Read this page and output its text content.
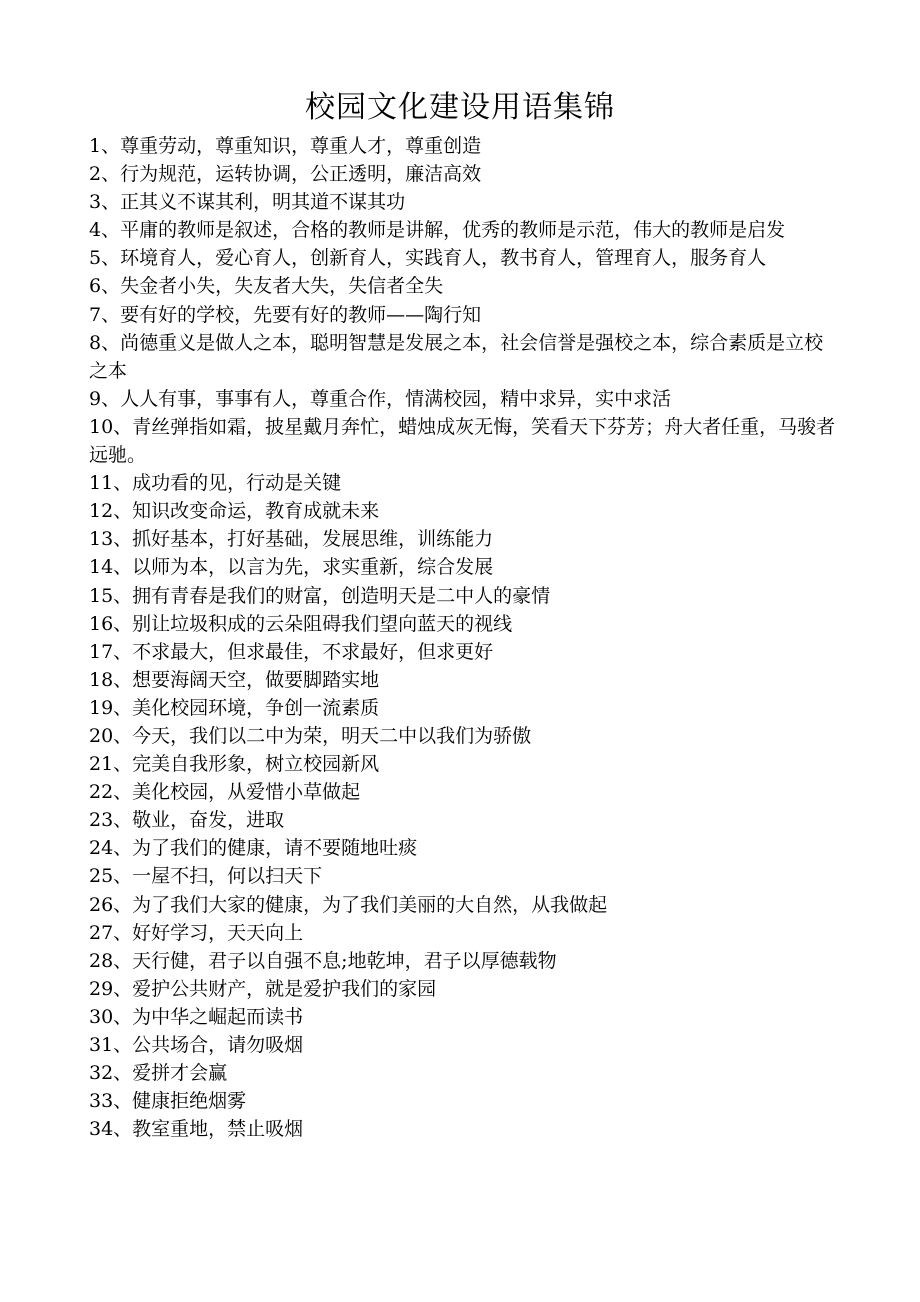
校园文化建设用语集锦
1、尊重劳动，尊重知识，尊重人才，尊重创造
2、行为规范，运转协调，公正透明，廉洁高效
3、正其义不谋其利，明其道不谋其功
4、平庸的教师是叙述，合格的教师是讲解，优秀的教师是示范，伟大的教师是启发
5、环境育人，爱心育人，创新育人，实践育人，教书育人，管理育人，服务育人
6、失金者小失，失友者大失，失信者全失
7、要有好的学校，先要有好的教师——陶行知
8、尚德重义是做人之本，聪明智慧是发展之本，社会信誉是强校之本，综合素质是立校之本
9、人人有事，事事有人，尊重合作，情满校园，精中求异，实中求活
10、青丝弹指如霜，披星戴月奔忙，蜡烛成灰无悔，笑看天下芬芳；舟大者任重，马骏者远驰。
11、成功看的见，行动是关键
12、知识改变命运，教育成就未来
13、抓好基本，打好基础，发展思维，训练能力
14、以师为本，以言为先，求实重新，综合发展
15、拥有青春是我们的财富，创造明天是二中人的豪情
16、别让垃圾积成的云朵阻碍我们望向蓝天的视线
17、不求最大，但求最佳，不求最好，但求更好
18、想要海阔天空，做要脚踏实地
19、美化校园环境，争创一流素质
20、今天，我们以二中为荣，明天二中以我们为骄傲
21、完美自我形象，树立校园新风
22、美化校园，从爱惜小草做起
23、敬业，奋发，进取
24、为了我们的健康，请不要随地吐痰
25、一屋不扫，何以扫天下
26、为了我们大家的健康，为了我们美丽的大自然，从我做起
27、好好学习，天天向上
28、天行健，君子以自强不息;地乾坤，君子以厚德载物
29、爱护公共财产，就是爱护我们的家园
30、为中华之崛起而读书
31、公共场合，请勿吸烟
32、爱拼才会赢
33、健康拒绝烟雾
34、教室重地，禁止吸烟
